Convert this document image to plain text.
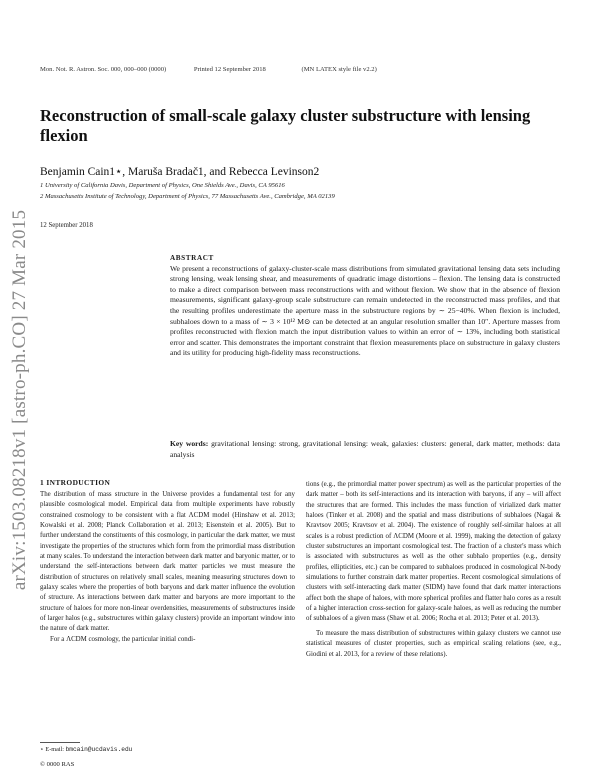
Mon. Not. R. Astron. Soc. 000, 000–000 (0000)	Printed 12 September 2018	(MN LATEX style file v2.2)
arXiv:1503.08218v1 [astro-ph.CO] 27 Mar 2015
Reconstruction of small-scale galaxy cluster substructure with lensing flexion
Benjamin Cain1⋆, Maruša Bradač1, and Rebecca Levinson2
1 University of California Davis, Department of Physics, One Shields Ave., Davis, CA 95616
2 Massachusetts Institute of Technology, Department of Physics, 77 Massachusetts Ave., Cambridge, MA 02139
12 September 2018
ABSTRACT
We present a reconstructions of galaxy-cluster-scale mass distributions from simulated gravitational lensing data sets including strong lensing, weak lensing shear, and measurements of quadratic image distortions – flexion. The lensing data is constructed to make a direct comparison between mass reconstructions with and without flexion. We show that in the absence of flexion measurements, significant galaxy-group scale substructure can remain undetected in the reconstructed mass profiles, and that the resulting profiles underestimate the aperture mass in the substructure regions by ∼ 25−40%. When flexion is included, subhaloes down to a mass of ∼ 3 × 10¹² M⊙ can be detected at an angular resolution smaller than 10″. Aperture masses from profiles reconstructed with flexion match the input distribution values to within an error of ∼ 13%, including both statistical error and scatter. This demonstrates the important constraint that flexion measurements place on substructure in galaxy clusters and its utility for producing high-fidelity mass reconstructions.
Key words: gravitational lensing: strong, gravitational lensing: weak, galaxies: clusters: general, dark matter, methods: data analysis
1 INTRODUCTION

The distribution of mass structure in the Universe provides a fundamental test for any plausible cosmological model. Empirical data from multiple experiments have robustly constrained cosmology to be consistent with a flat ΛCDM model (Hinshaw et al. 2013; Kowalski et al. 2008; Planck Collaboration et al. 2013; Eisenstein et al. 2005). But to further understand the constituents of this cosmology, in particular the dark matter, we must investigate the properties of the structures which form from the primordial mass distribution at many scales. To understand the interaction between dark matter and baryonic matter, or to understand the self-interactions between dark matter particles we must measure the distribution of structures on relatively small scales, meaning measuring structures down to galaxy scales where the properties of both baryons and dark matter influence the evolution of structure. As interactions between dark matter and baryons are more important to the structure of haloes for more non-linear overdensities, measurements of substructures inside of larger halos (e.g., substructures within galaxy clusters) provide an important window into the nature of dark matter.

For a ΛCDM cosmology, the particular initial condi-

tions (e.g., the primordial matter power spectrum) as well as the particular properties of the dark matter – both its self-interactions and its interaction with baryons, if any – will affect the structures that are formed. This includes the mass function of virialized dark matter haloes (Tinker et al. 2008) and the spatial and mass distributions of subhaloes (Nagai & Kravtsov 2005; Kravtsov et al. 2004). The existence of roughly self-similar haloes at all scales is a robust prediction of ΛCDM (Moore et al. 1999), making the detection of galaxy cluster substructures an important cosmological test. The fraction of a cluster's mass which is associated with substructures as well as the other subhalo properties (e.g., density profiles, ellipticities, etc.) can be compared to subhaloes produced in cosmological N-body simulations to further constrain dark matter properties. Recent cosmological simulations of clusters with self-interacting dark matter (SIDM) have found that dark matter interactions affect both the shape of haloes, with more spherical profiles and flatter halo cores as a result of a higher interaction cross-section for galaxy-scale haloes, as well as reducing the number of subhaloes of a given mass (Shaw et al. 2006; Rocha et al. 2013; Peter et al. 2013).

To measure the mass distribution of substructures within galaxy clusters we cannot use statistical measures of cluster properties, such as empirical scaling relations (see, e.g., Giodini et al. 2013, for a review of these relations).

⋆ E-mail: bmcain@ucdavis.edu
© 0000 RAS
